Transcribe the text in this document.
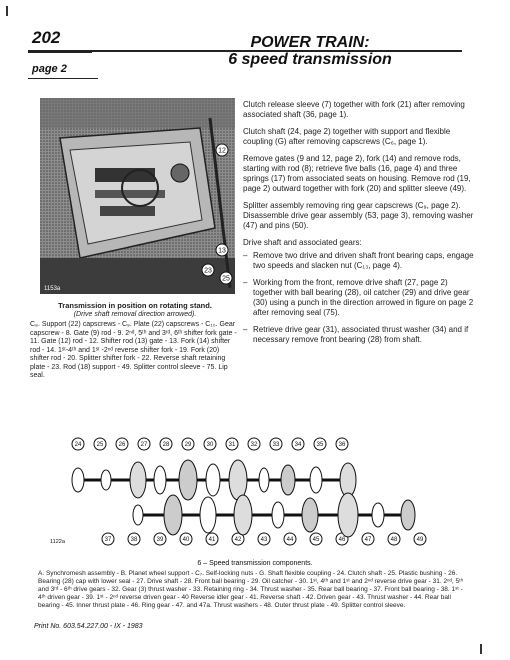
202
page 2
POWER TRAIN:
6 speed transmission
12
13
23
25
1153a
Transmission in position on rotating stand.
(Drive shaft removal direction arrowed).
C₈. Support (22) capscrews - C₉. Plate (22) capscrews - C₁₀. Gear capscrew - 8. Gate (9) rod - 9. 2ⁿᵈ, 5ᵗʰ and 3ʳᵈ, 6ᵗʰ shifter fork gate - 11. Gate (12) rod - 12. Shifter rod (13) gate - 13. Fork (14) shifter rod - 14. 1ˢᵗ-4ᵗʰ and 1ˢᵗ -2ⁿᵈ reverse shifter fork - 19. Fork (20) shifter rod - 20. Splitter shifter fork - 22. Reverse shaft retaining plate - 23. Rod (18) support - 49. Splitter control sleeve - 75. Lip seal.

Clutch release sleeve (7) together with fork (21) after removing associated shaft (36, page 1).

Clutch shaft (24, page 2) together with support and flexible coupling (G) after removing capscrews (C₆, page 1).

Remove gates (9 and 12, page 2), fork (14) and remove rods, starting with rod (8); retrieve five balls (16, page 4) and three springs (17) from associated seats on housing. Remove rod (19, page 2) outward together with fork (20) and splitter sleeve (49).

Splitter assembly removing ring gear capscrews (C₉, page 2). Disassemble drive gear assembly (53, page 3), removing washer (47) and pins (50).

Drive shaft and associated gears:

– Remove two drive and driven shaft front bearing caps, engage two speeds and slacken nut (C₁₃, page 4).

– Working from the front, remove drive shaft (27, page 2) together with ball bearing (28), oil catcher (29) and drive gear (30) using a punch in the direction arrowed in figure on page 2 after removing seal (75).

– Retrieve drive gear (31), associated thrust washer (34) and if necessary remove front bearing (28) from shaft.

24	25	26	27	28	29	30	31	32	33	34	35	36
37	38	39	40	41	42	43	44	45	46	47	48	49
1122a
6 – Speed transmission components.
A. Synchromesh assembly - B. Planet wheel support - C₇. Self-locking nuts - G. Shaft flexible coupling - 24. Clutch shaft - 25. Plastic bushing - 26. Bearing (28) cap with lower seal - 27. Drive shaft - 28. Front ball bearing - 29. Oil catcher - 30. 1ˢᵗ, 4ᵗʰ and 1ˢᵗ and 2ⁿᵈ reverse drive gear - 31. 2ⁿᵈ, 5ᵗʰ and 3ʳᵈ - 6ᵗʰ drive gears - 32. Gear (3) thrust washer - 33. Retaining ring - 34. Thrust washer - 35. Rear ball bearing - 37. Front ball bearing - 38. 1ˢᵗ - 4ᵗʰ driven gear - 39. 1ˢᵗ - 2ⁿᵈ reverse driven gear - 40 Reverse idler gear - 41. Reverse shaft - 42. Driven gear - 43. Thrust washer - 44. Rear ball bearing - 45. Inner thrust plate - 46. Ring gear - 47. and 47a. Thrust washers - 48. Outer thrust plate - 49. Splitter control sleeve.
Print No. 603.54.227.00 - IX - 1983
